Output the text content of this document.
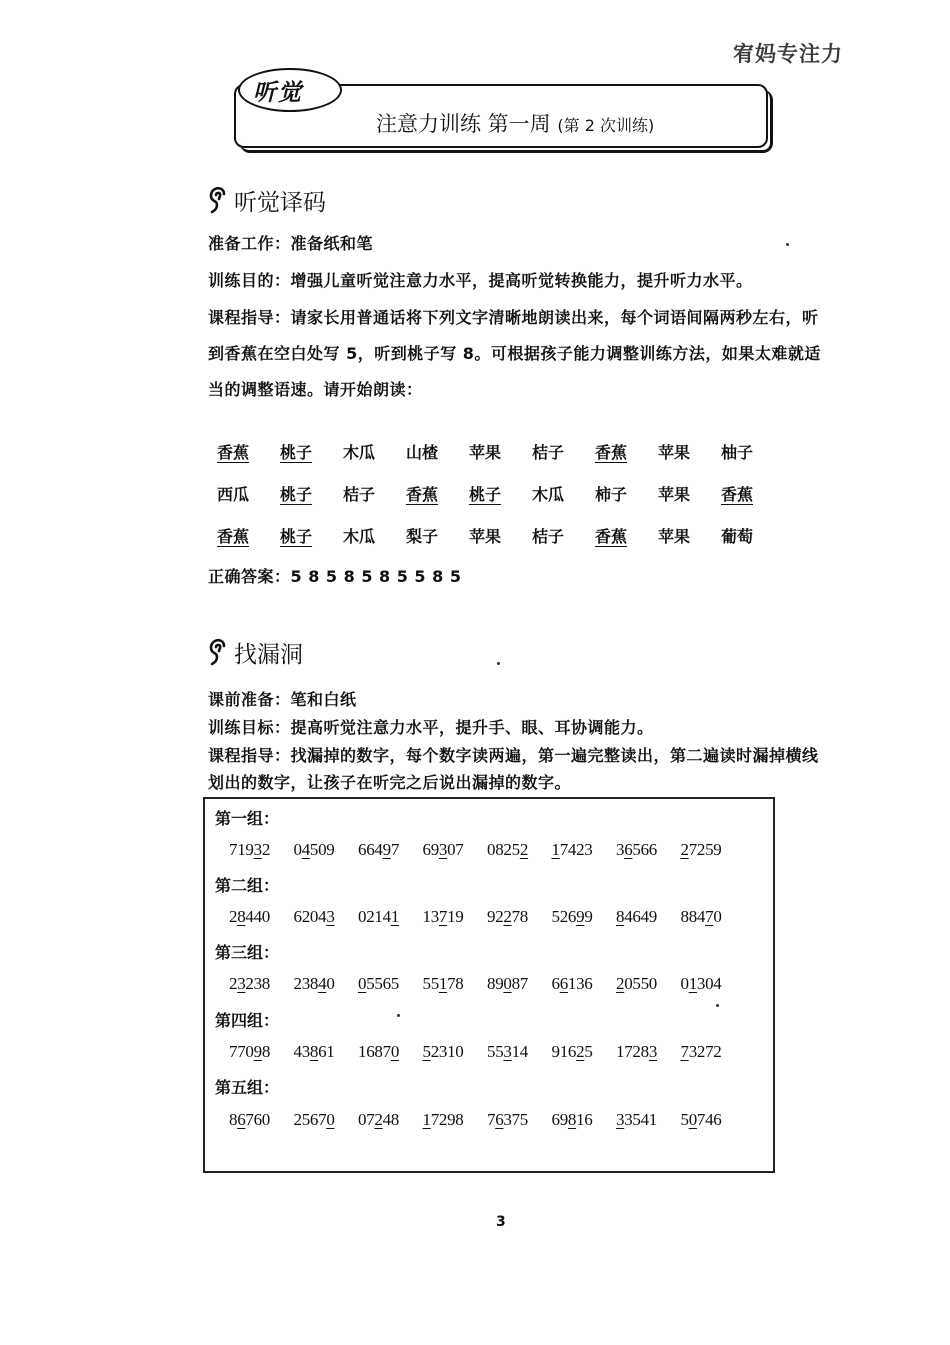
宥妈专注力
听觉
注意力训练 第一周 (第 2 次训练)
听觉译码
准备工作：准备纸和笔
训练目的：增强儿童听觉注意力水平，提高听觉转换能力，提升听力水平。
课程指导：请家长用普通话将下列文字清晰地朗读出来，每个词语间隔两秒左右，听
到香蕉在空白处写 5，听到桃子写 8。可根据孩子能力调整训练方法，如果太难就适
当的调整语速。请开始朗读：
香蕉	桃子	木瓜	山楂	苹果	桔子	香蕉	苹果	柚子
西瓜	桃子	桔子	香蕉	桃子	木瓜	柿子	苹果	香蕉
香蕉	桃子	木瓜	梨子	苹果	桔子	香蕉	苹果	葡萄
正确答案：5 8 5 8 5 8 5 5 8 5
找漏洞
课前准备：笔和白纸
训练目标：提高听觉注意力水平，提升手、眼、耳协调能力。
课程指导：找漏掉的数字，每个数字读两遍，第一遍完整读出，第二遍读时漏掉横线
划出的数字，让孩子在听完之后说出漏掉的数字。
第一组：
71932 04509 66497 69307 08252 17423 36566 27259
第二组：
28440 62043 02141 13719 92278 52699 84649 88470
第三组：
23238 23840 05565 55178 89087 66136 20550 01304
第四组：
77098 43861 16870 52310 55314 91625 17283 73272
第五组：
86760 25670 07248 17298 76375 69816 33541 50746
3
